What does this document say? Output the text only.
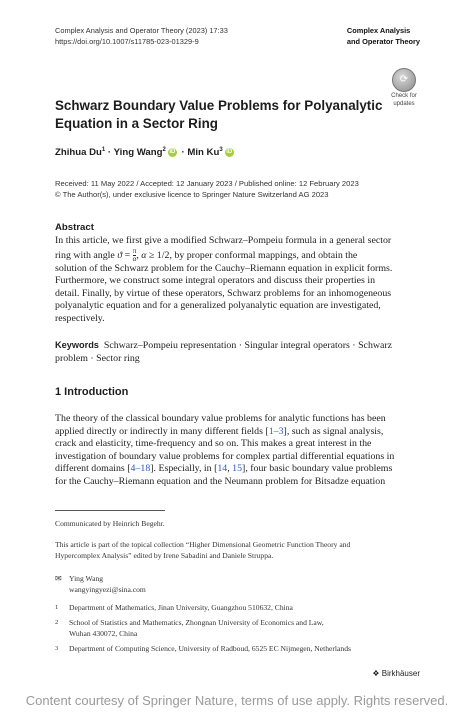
Complex Analysis and Operator Theory (2023) 17:33
https://doi.org/10.1007/s11785-023-01329-9
Complex Analysis
and Operator Theory
⟳
Check for
updates
Schwarz Boundary Value Problems for Polyanalytic
Equation in a Sector Ring
Zhihua $Du^1$ · Ying Wang$^2$ iD · Min Ku$^3$ iD
Received: 11 May 2022 / Accepted: 12 January 2023 / Published online: 12 February 2023
© The Author(s), under exclusive licence to Springer Nature Switzerland AG 2023
Abstract
In this article, we first give a modified Schwarz–Pompeiu formula in a general sector
ring with angle $ϑ = \frac{\pi}{\alpha}$, α ≥ 1/2, by proper conformal mappings, and obtain the
solution of the Schwarz problem for the Cauchy–Riemann equation in explicit forms.
Furthermore, we construct some integral operators and discuss their properties in
detail. Finally, by virtue of these operators, Schwarz problems for an inhomogeneous
polyanalytic equation and for a generalized polyanalytic equation are investigated,
respectively.
Keywords Schwarz–Pompeiu representation · Singular integral operators · Schwarz
problem · Sector ring
1 Introduction
The theory of the classical boundary value problems for analytic functions has been
applied directly or indirectly in many different fields [1–3], such as signal analysis,
crack and elasticity, time-frequency and so on. This makes a great interest in the
investigation of boundary value problems for complex partial differential equations in
different domains [4–18]. Especially, in [14, 15], four basic boundary value problems
for the Cauchy–Riemann equation and the Neumann problem for Bitsadze equation
Communicated by Heinrich Begehr.
This article is part of the topical collection “Higher Dimensional Geometric Function Theory and
Hypercomplex Analysis” edited by Irene Sabadini and Daniele Struppa.
✉ Ying Wang
wangyingyezi@sina.com
1 Department of Mathematics, Jinan University, Guangzhou 510632, China
2 School of Statistics and Mathematics, Zhongnan University of Economics and Law,
Wuhan 430072, China
3 Department of Computing Science, University of Radboud, 6525 EC Nijmegen, Netherlands
❖ Birkhäuser
Content courtesy of Springer Nature, terms of use apply. Rights reserved.
